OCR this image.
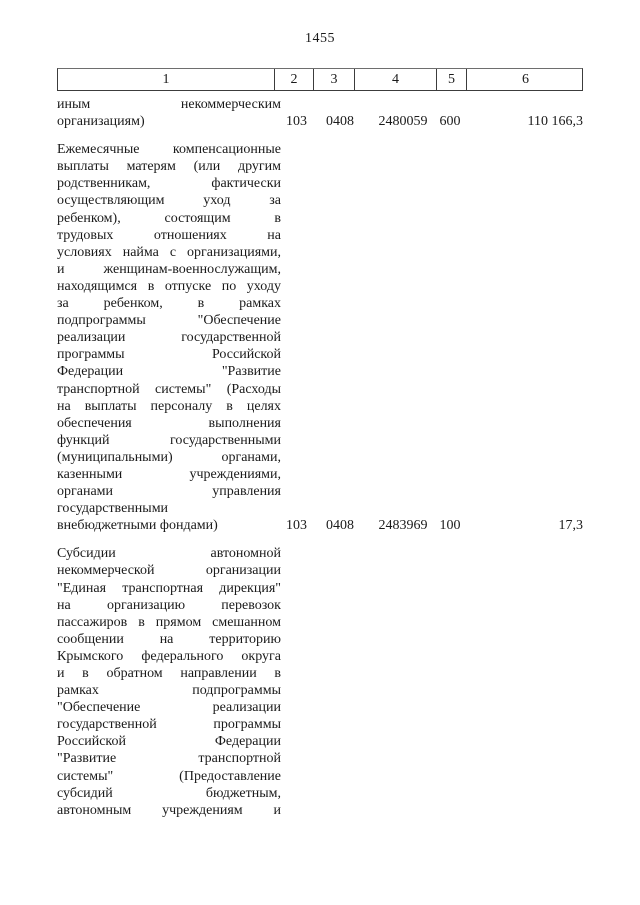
1455
1	2	3	4	5	6
иным некоммерческим
организациям)	103	0408	2480059 600	110 166,3
Ежемесячные компенсационные
выплаты матерям (или другим
родственникам, фактически
осуществляющим уход за
ребенком), состоящим в
трудовых отношениях на
условиях найма с организациями,
и женщинам-военнослужащим,
находящимся в отпуске по уходу
за ребенком, в рамках
подпрограммы "Обеспечение
реализации государственной
программы Российской
Федерации "Развитие
транспортной системы" (Расходы
на выплаты персоналу в целях
обеспечения выполнения
функций государственными
(муниципальными) органами,
казенными учреждениями,
органами управления
государственными
внебюджетными фондами)	103	0408	2483969 100	17,3
Субсидии автономной
некоммерческой организации
"Единая транспортная дирекция"
на организацию перевозок
пассажиров в прямом смешанном
сообщении на территорию
Крымского федерального округа
и в обратном направлении в
рамках подпрограммы
"Обеспечение реализации
государственной программы
Российской Федерации
"Развитие транспортной
системы" (Предоставление
субсидий бюджетным,
автономным учреждениям и
